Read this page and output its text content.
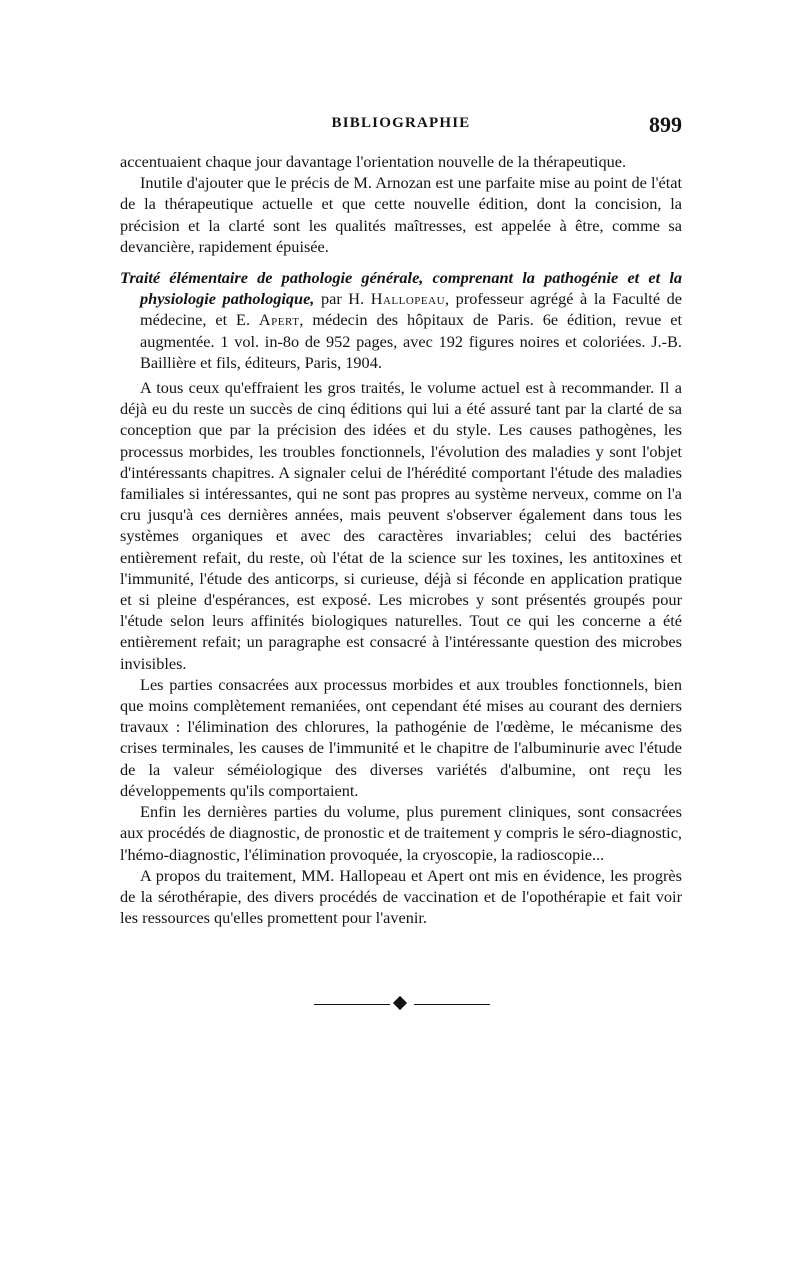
BIBLIOGRAPHIE	899

accentuaient chaque jour davantage l'orientation nouvelle de la thérapeutique.

Inutile d'ajouter que le précis de M. Arnozan est une parfaite mise au point de l'état de la thérapeutique actuelle et que cette nouvelle édition, dont la concision, la précision et la clarté sont les qualités maîtresses, est appelée à être, comme sa devancière, rapidement épuisée.

Traité élémentaire de pathologie générale, comprenant la pathogénie et et la physiologie pathologique, par H. Hallopeau, professeur agrégé à la Faculté de médecine, et E. Apert, médecin des hôpitaux de Paris. 6e édition, revue et augmentée. 1 vol. in-8o de 952 pages, avec 192 figures noires et coloriées. J.-B. Baillière et fils, éditeurs, Paris, 1904.

A tous ceux qu'effraient les gros traités, le volume actuel est à recommander. Il a déjà eu du reste un succès de cinq éditions qui lui a été assuré tant par la clarté de sa conception que par la précision des idées et du style. Les causes pathogènes, les processus morbides, les troubles fonctionnels, l'évolution des maladies y sont l'objet d'intéressants chapitres. A signaler celui de l'hérédité comportant l'étude des maladies familiales si intéressantes, qui ne sont pas propres au système nerveux, comme on l'a cru jusqu'à ces dernières années, mais peuvent s'observer également dans tous les systèmes organiques et avec des caractères invariables; celui des bactéries entièrement refait, du reste, où l'état de la science sur les toxines, les antitoxines et l'immunité, l'étude des anticorps, si curieuse, déjà si féconde en application pratique et si pleine d'espérances, est exposé. Les microbes y sont présentés groupés pour l'étude selon leurs affinités biologiques naturelles. Tout ce qui les concerne a été entièrement refait; un paragraphe est consacré à l'intéressante question des microbes invisibles.

Les parties consacrées aux processus morbides et aux troubles fonctionnels, bien que moins complètement remaniées, ont cependant été mises au courant des derniers travaux : l'élimination des chlorures, la pathogénie de l'œdème, le mécanisme des crises terminales, les causes de l'immunité et le chapitre de l'albuminurie avec l'étude de la valeur séméiologique des diverses variétés d'albumine, ont reçu les développements qu'ils comportaient.

Enfin les dernières parties du volume, plus purement cliniques, sont consacrées aux procédés de diagnostic, de pronostic et de traitement y compris le séro-diagnostic, l'hémo-diagnostic, l'élimination provoquée, la cryoscopie, la radioscopie...

A propos du traitement, MM. Hallopeau et Apert ont mis en évidence, les progrès de la sérothérapie, des divers procédés de vaccination et de l'opothérapie et fait voir les ressources qu'elles promettent pour l'avenir.
